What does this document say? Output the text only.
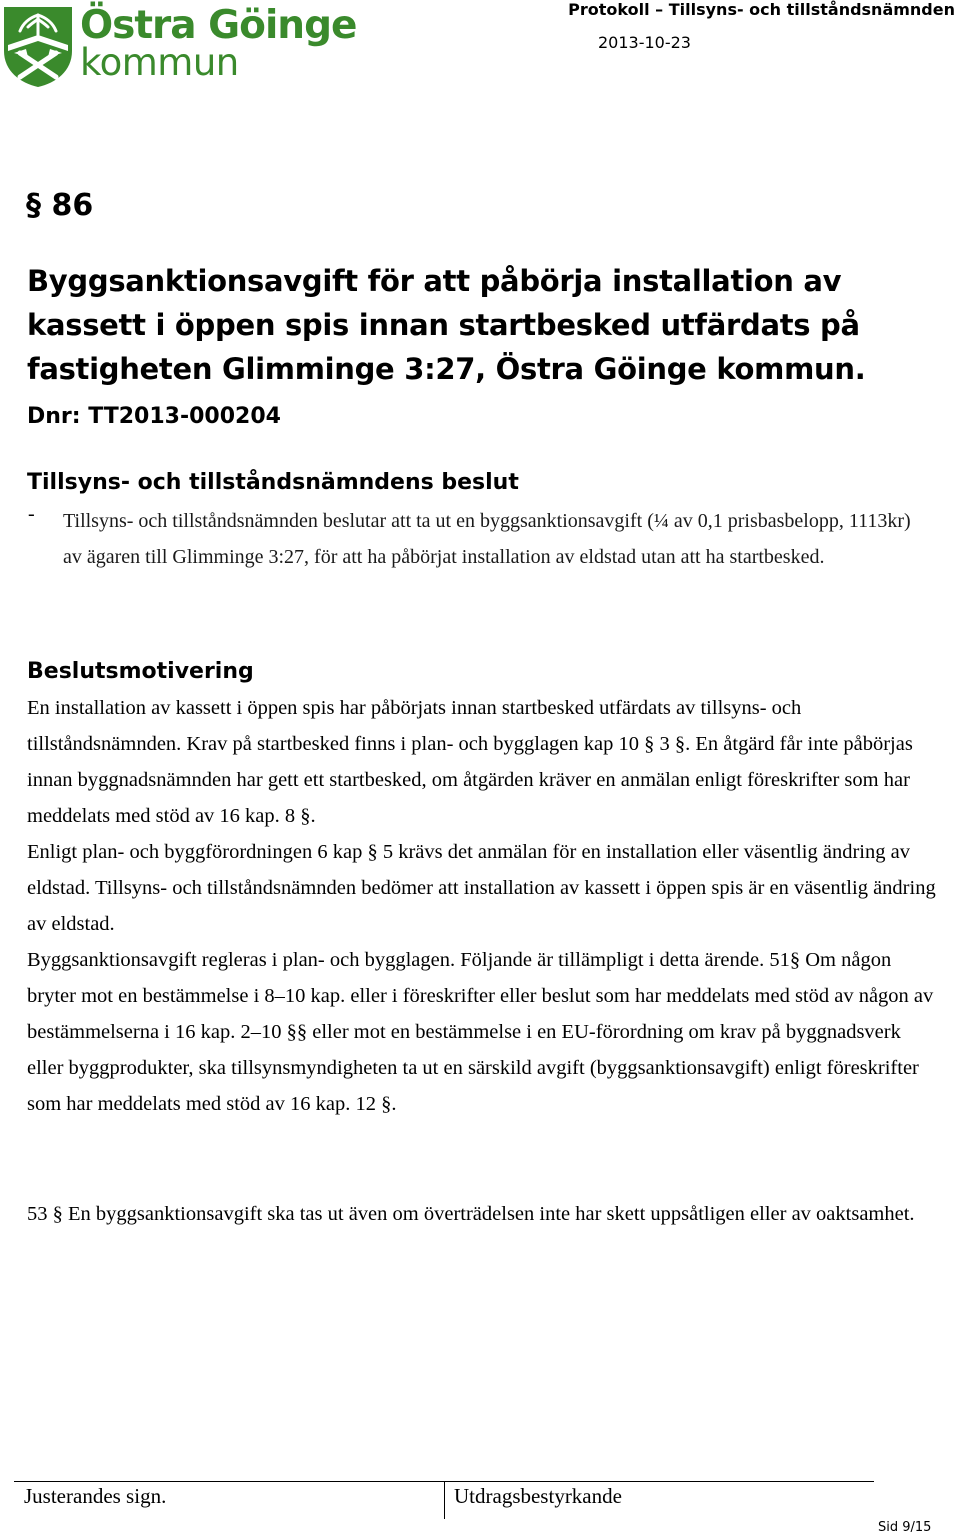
Östra Göinge
kommun
Protokoll – Tillsyns- och tillståndsnämnden
2013-10-23
§ 86
Byggsanktionsavgift för att påbörja installation av kassett i öppen spis innan startbesked utfärdats på fastigheten Glimminge 3:27, Östra Göinge kommun.
Dnr: TT2013-000204
Tillsyns- och tillståndsnämndens beslut
- Tillsyns- och tillståndsnämnden beslutar att ta ut en byggsanktionsavgift (¼ av 0,1 prisbasbelopp, 1113kr) av ägaren till Glimminge 3:27, för att ha påbörjat installation av eldstad utan att ha startbesked.
Beslutsmotivering

En installation av kassett i öppen spis har påbörjats innan startbesked utfärdats av tillsyns- och tillståndsnämnden. Krav på startbesked finns i plan- och bygglagen kap 10 § 3 §. En åtgärd får inte påbörjas innan byggnadsnämnden har gett ett startbesked, om åtgärden kräver en anmälan enligt föreskrifter som har meddelats med stöd av 16 kap. 8 §.

Enligt plan- och byggförordningen 6 kap § 5 krävs det anmälan för en installation eller väsentlig ändring av eldstad. Tillsyns- och tillståndsnämnden bedömer att installation av kassett i öppen spis är en väsentlig ändring av eldstad.

Byggsanktionsavgift regleras i plan- och bygglagen. Följande är tillämpligt i detta ärende. 51§ Om någon bryter mot en bestämmelse i 8–10 kap. eller i föreskrifter eller beslut som har meddelats med stöd av någon av bestämmelserna i 16 kap. 2–10 §§ eller mot en bestämmelse i en EU-förordning om krav på byggnadsverk eller byggprodukter, ska tillsynsmyndigheten ta ut en särskild avgift (byggsanktionsavgift) enligt föreskrifter som har meddelats med stöd av 16 kap. 12 §.

53 § En byggsanktionsavgift ska tas ut även om överträdelsen inte har skett uppsåtligen eller av oaktsamhet.
Justerandes sign.	Utdragsbestyrkande
Sid 9/15
